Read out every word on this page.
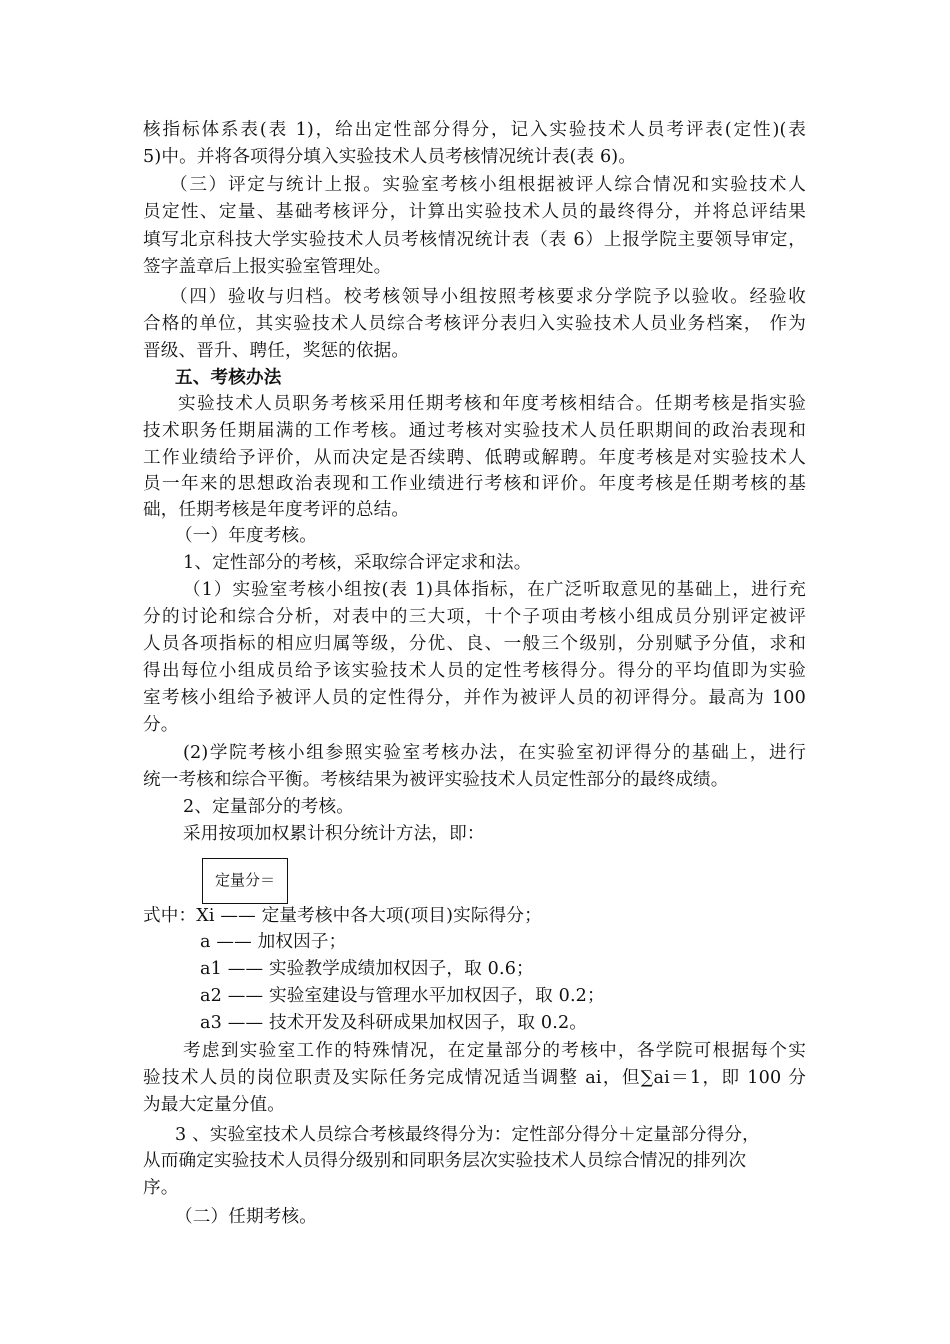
核指标体系表(表 1)，给出定性部分得分，记入实验技术人员考评表(定性)(表
5)中。并将各项得分填入实验技术人员考核情况统计表(表 6)。
（三）评定与统计上报。实验室考核小组根据被评人综合情况和实验技术人
员定性、定量、基础考核评分，计算出实验技术人员的最终得分，并将总评结果
填写北京科技大学实验技术人员考核情况统计表（表 6）上报学院主要领导审定，
签字盖章后上报实验室管理处。
（四）验收与归档。校考核领导小组按照考核要求分学院予以验收。经验收
合格的单位，其实验技术人员综合考核评分表归入实验技术人员业务档案， 作为
晋级、晋升、聘任，奖惩的依据。
五、考核办法
实验技术人员职务考核采用任期考核和年度考核相结合。任期考核是指实验
技术职务任期届满的工作考核。通过考核对实验技术人员任职期间的政治表现和
工作业绩给予评价，从而决定是否续聘、低聘或解聘。年度考核是对实验技术人
员一年来的思想政治表现和工作业绩进行考核和评价。年度考核是任期考核的基
础，任期考核是年度考评的总结。
（一）年度考核。
1、定性部分的考核，采取综合评定求和法。
（1）实验室考核小组按(表 1)具体指标，在广泛听取意见的基础上，进行充
分的讨论和综合分析，对表中的三大项，十个子项由考核小组成员分别评定被评
人员各项指标的相应归属等级，分优、良、一般三个级别，分别赋予分值，求和
得出每位小组成员给予该实验技术人员的定性考核得分。得分的平均值即为实验
室考核小组给予被评人员的定性得分，并作为被评人员的初评得分。最高为 100
分。
(2)学院考核小组参照实验室考核办法，在实验室初评得分的基础上，进行
统一考核和综合平衡。考核结果为被评实验技术人员定性部分的最终成绩。
2、定量部分的考核。
采用按项加权累计积分统计方法，即：
定量分＝
式中：Xi —— 定量考核中各大项(项目)实际得分；
a —— 加权因子；
a1 —— 实验教学成绩加权因子，取 0.6；
a2 —— 实验室建设与管理水平加权因子，取 0.2；
a3 —— 技术开发及科研成果加权因子，取 0.2。
考虑到实验室工作的特殊情况，在定量部分的考核中，各学院可根据每个实
验技术人员的岗位职责及实际任务完成情况适当调整 ai，但∑ai＝1，即 100 分
为最大定量分值。
3 、实验室技术人员综合考核最终得分为：定性部分得分＋定量部分得分，
从而确定实验技术人员得分级别和同职务层次实验技术人员综合情况的排列次
序。
（二）任期考核。
